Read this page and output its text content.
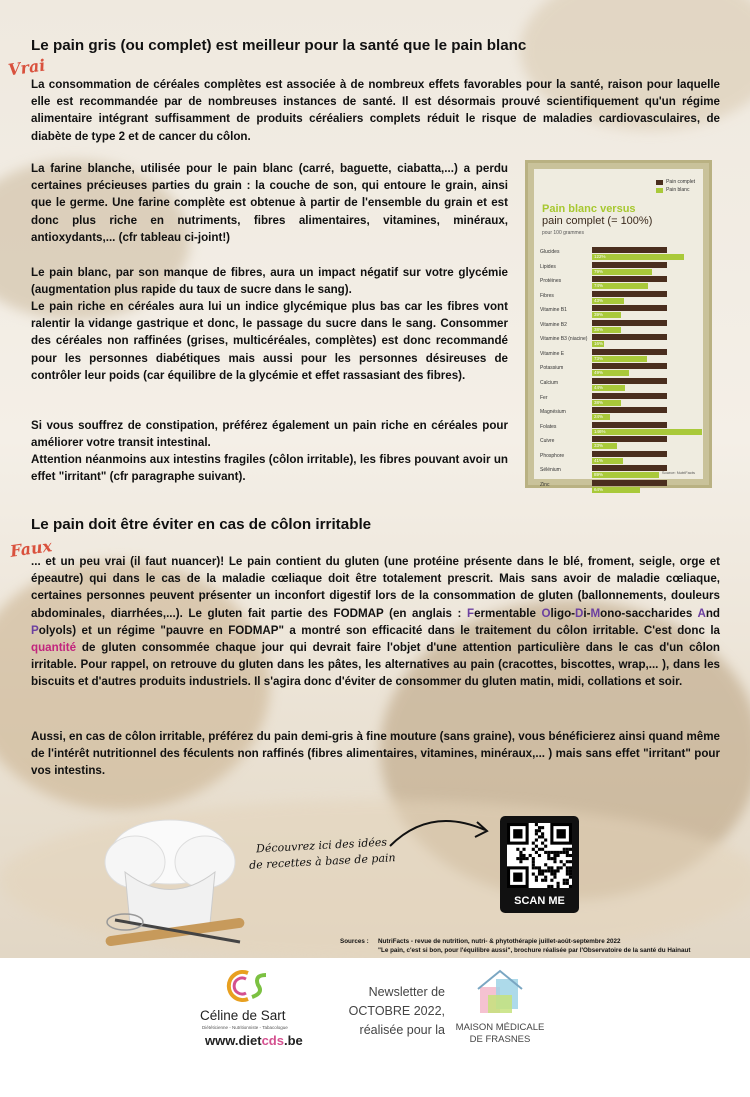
Le pain gris (ou complet) est meilleur pour la santé que le pain blanc
Vrai

La consommation de céréales complètes est associée à de nombreux effets favorables pour la santé, raison pour laquelle elle est recommandée par de nombreuses instances de santé. Il est désormais prouvé scientifiquement qu'un régime alimentaire intégrant suffisamment de produits céréaliers complets réduit le risque de maladies cardiovasculaires, de diabète de type 2 et de cancer du côlon.

La farine blanche, utilisée pour le pain blanc (carré, baguette, ciabatta,...) a perdu certaines précieuses parties du grain : la couche de son, qui entoure le grain, ainsi que le germe. Une farine complète est obtenue à partir de l'ensemble du grain et est donc plus riche en nutriments, fibres alimentaires, vitamines, minéraux, antioxydants,... (cfr tableau ci-joint!)

Le pain blanc, par son manque de fibres, aura un impact négatif sur votre glycémie (augmentation plus rapide du taux de sucre dans le sang).

Le pain riche en céréales aura lui un indice glycémique plus bas car les fibres vont ralentir la vidange gastrique et donc, le passage du sucre dans le sang. Consommer des céréales non raffinées (grises, multicéréales, complètes) est donc recommandé pour les personnes diabétiques mais aussi pour les personnes désireuses de contrôler leur poids (car équilibre de la glycémie et effet rassasiant des fibres).

Si vous souffrez de constipation, préférez également un pain riche en céréales pour améliorer votre transit intestinal.

Attention néanmoins aux intestins fragiles (côlon irritable), les fibres pouvant avoir un effet "irritant" (cfr paragraphe suivant).

Pain complet
Pain blanc
Pain blanc versus
pain complet (= 100%)
pour 100 grammes
Glucides
122%
Lipides
79%
Protéines
74%
Fibres
43%
Vitamine B1
39%
Vitamine B2
38%
Vitamine B3 (niacine)
16%
Vitamine E
73%
Potassium
49%
Calcium
44%
Fer
38%
Magnésium
24%
Folates
146%
Cuivre
33%
Phosphore
41%
Sélénium
89%
Zinc
64%
Source: NutriFacts
Le pain doit être éviter en cas de côlon irritable
Faux

... et un peu vrai (il faut nuancer)! Le pain contient du gluten (une protéine présente dans le blé, froment, seigle, orge et épeautre) qui dans le cas de la maladie cœliaque doit être totalement prescrit. Mais sans avoir de maladie cœliaque, certaines personnes peuvent présenter un inconfort digestif lors de la consommation de gluten (ballonnements, douleurs abdominales, diarrhées,...). Le gluten fait partie des FODMAP (en anglais : Fermentable Oligo-Di-Mono-saccharides And Polyols) et un régime "pauvre en FODMAP" a montré son efficacité dans le traitement du côlon irritable. C'est donc la quantité de gluten consommée chaque jour qui devrait faire l'objet d'une attention particulière dans le cas d'un côlon irritable. Pour rappel, on retrouve du gluten dans les pâtes, les alternatives au pain (cracottes, biscottes, wrap,... ), dans les biscuits et d'autres produits industriels. Il s'agira donc d'éviter de consommer du gluten matin, midi, collations et soir.

Aussi, en cas de côlon irritable, préférez du pain demi-gris à fine mouture (sans graine), vous bénéficierez ainsi quand même de l'intérêt nutritionnel des féculents non raffinés (fibres alimentaires, vitamines, minéraux,... ) mais sans effet "irritant" pour vos intestins.

Découvrez ici des idées
de recettes à base de pain
SCAN ME
Sources : NutriFacts - revue de nutrition, nutri- & phytothérapie juillet-août-septembre 2022
"Le pain, c'est si bon, pour l'équilibre aussi", brochure réalisée par l'Observatoire de la santé du Hainaut
Céline de Sart
Diététicienne - Nutritionniste - Tabacologue
www.dietcds.be
Newsletter de
OCTOBRE 2022,
réalisée pour la	MAISON MÉDICALE
DE FRASNES
